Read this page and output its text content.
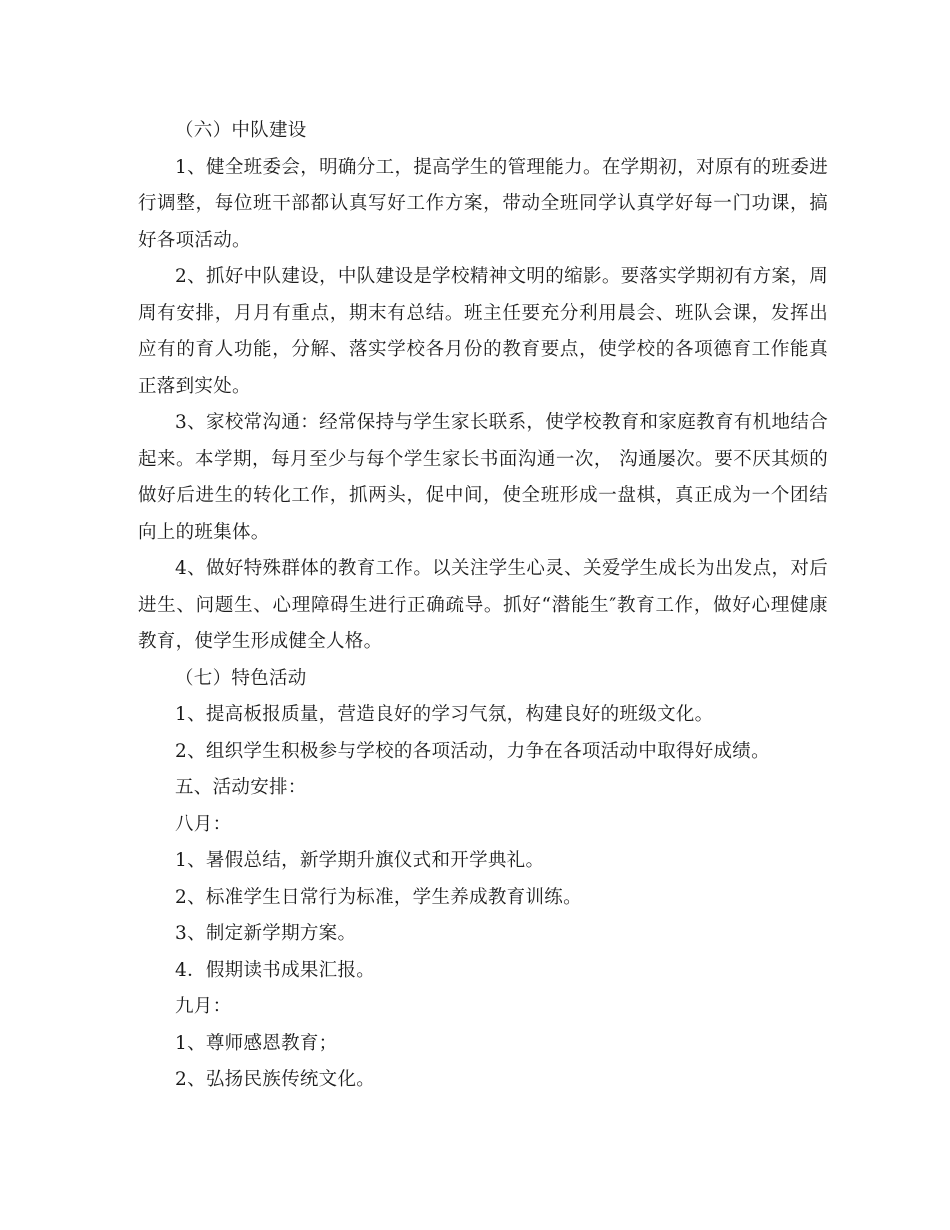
（六）中队建设

1、健全班委会，明确分工，提高学生的管理能力。在学期初，对原有的班委进行调整，每位班干部都认真写好工作方案，带动全班同学认真学好每一门功课，搞好各项活动。

2、抓好中队建设，中队建设是学校精神文明的缩影。要落实学期初有方案，周周有安排，月月有重点，期末有总结。班主任要充分利用晨会、班队会课，发挥出应有的育人功能，分解、落实学校各月份的教育要点，使学校的各项德育工作能真正落到实处。

3、家校常沟通：经常保持与学生家长联系，使学校教育和家庭教育有机地结合起来。本学期，每月至少与每个学生家长书面沟通一次， 沟通屡次。要不厌其烦的做好后进生的转化工作，抓两头，促中间，使全班形成一盘棋，真正成为一个团结向上的班集体。

4、做好特殊群体的教育工作。以关注学生心灵、关爱学生成长为出发点，对后进生、问题生、心理障碍生进行正确疏导。抓好“潜能生″教育工作，做好心理健康教育，使学生形成健全人格。

（七）特色活动

1、提高板报质量，营造良好的学习气氛，构建良好的班级文化。

2、组织学生积极参与学校的各项活动，力争在各项活动中取得好成绩。

五、活动安排：

八月：

1、暑假总结，新学期升旗仪式和开学典礼。

2、标准学生日常行为标准，学生养成教育训练。

3、制定新学期方案。

4．假期读书成果汇报。

九月：

1、尊师感恩教育；

2、弘扬民族传统文化。
